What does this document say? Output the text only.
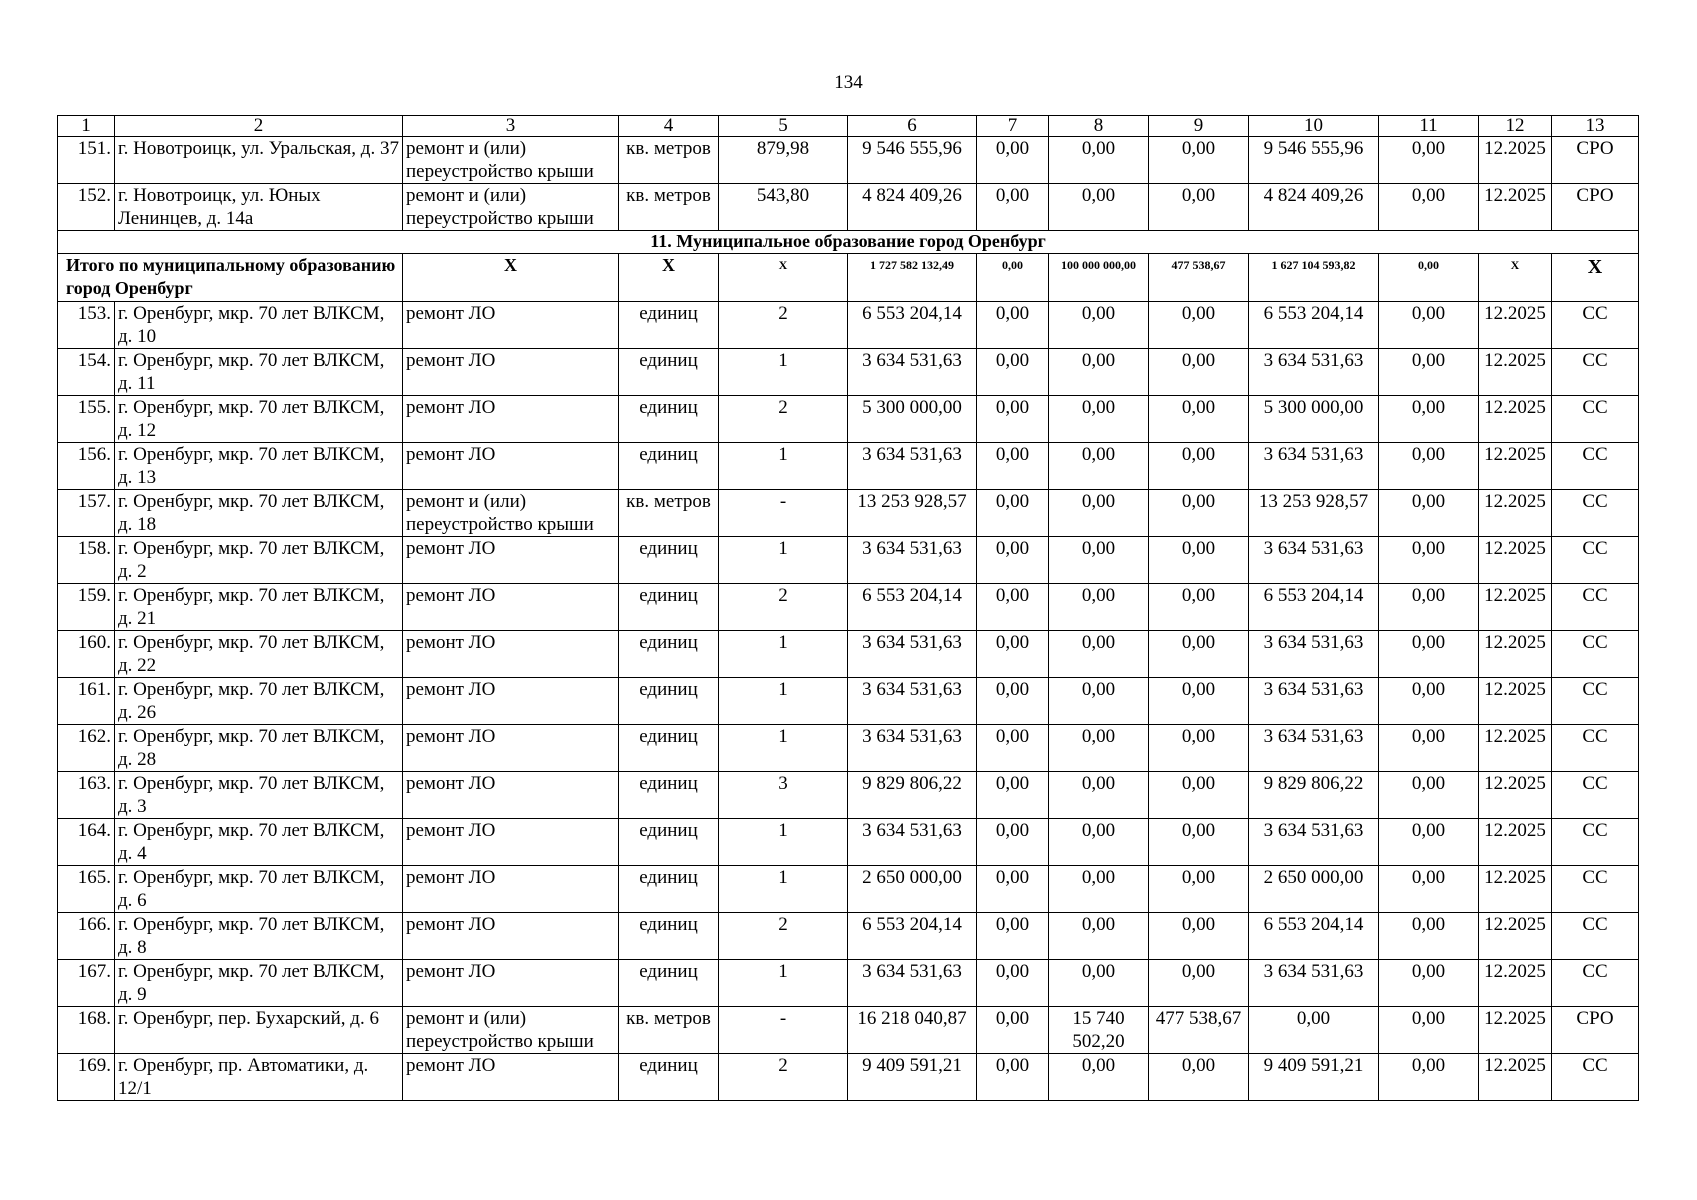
134
1	2	3	4	5	6	7	8	9	10	11	12	13
151.	г. Новотроицк, ул. Уральская, д. 37	ремонт и (или) переустройство крыши	кв. метров	879,98	9 546 555,96	0,00	0,00	0,00	9 546 555,96	0,00	12.2025	СРО
152.	г. Новотроицк, ул. Юных Ленинцев, д. 14а	ремонт и (или) переустройство крыши	кв. метров	543,80	4 824 409,26	0,00	0,00	0,00	4 824 409,26	0,00	12.2025	СРО
11. Муниципальное образование город Оренбург												
Итого по муниципальному образованию город Оренбург		X	X	X	1 727 582 132,49	0,00	100 000 000,00	477 538,67	1 627 104 593,82	0,00	X	X
153.	г. Оренбург, мкр. 70 лет ВЛКСМ, д. 10	ремонт ЛО	единиц	2	6 553 204,14	0,00	0,00	0,00	6 553 204,14	0,00	12.2025	СС
154.	г. Оренбург, мкр. 70 лет ВЛКСМ, д. 11	ремонт ЛО	единиц	1	3 634 531,63	0,00	0,00	0,00	3 634 531,63	0,00	12.2025	СС
155.	г. Оренбург, мкр. 70 лет ВЛКСМ, д. 12	ремонт ЛО	единиц	2	5 300 000,00	0,00	0,00	0,00	5 300 000,00	0,00	12.2025	СС
156.	г. Оренбург, мкр. 70 лет ВЛКСМ, д. 13	ремонт ЛО	единиц	1	3 634 531,63	0,00	0,00	0,00	3 634 531,63	0,00	12.2025	СС
157.	г. Оренбург, мкр. 70 лет ВЛКСМ, д. 18	ремонт и (или) переустройство крыши	кв. метров	-	13 253 928,57	0,00	0,00	0,00	13 253 928,57	0,00	12.2025	СС
158.	г. Оренбург, мкр. 70 лет ВЛКСМ, д. 2	ремонт ЛО	единиц	1	3 634 531,63	0,00	0,00	0,00	3 634 531,63	0,00	12.2025	СС
159.	г. Оренбург, мкр. 70 лет ВЛКСМ, д. 21	ремонт ЛО	единиц	2	6 553 204,14	0,00	0,00	0,00	6 553 204,14	0,00	12.2025	СС
160.	г. Оренбург, мкр. 70 лет ВЛКСМ, д. 22	ремонт ЛО	единиц	1	3 634 531,63	0,00	0,00	0,00	3 634 531,63	0,00	12.2025	СС
161.	г. Оренбург, мкр. 70 лет ВЛКСМ, д. 26	ремонт ЛО	единиц	1	3 634 531,63	0,00	0,00	0,00	3 634 531,63	0,00	12.2025	СС
162.	г. Оренбург, мкр. 70 лет ВЛКСМ, д. 28	ремонт ЛО	единиц	1	3 634 531,63	0,00	0,00	0,00	3 634 531,63	0,00	12.2025	СС
163.	г. Оренбург, мкр. 70 лет ВЛКСМ, д. 3	ремонт ЛО	единиц	3	9 829 806,22	0,00	0,00	0,00	9 829 806,22	0,00	12.2025	СС
164.	г. Оренбург, мкр. 70 лет ВЛКСМ, д. 4	ремонт ЛО	единиц	1	3 634 531,63	0,00	0,00	0,00	3 634 531,63	0,00	12.2025	СС
165.	г. Оренбург, мкр. 70 лет ВЛКСМ, д. 6	ремонт ЛО	единиц	1	2 650 000,00	0,00	0,00	0,00	2 650 000,00	0,00	12.2025	СС
166.	г. Оренбург, мкр. 70 лет ВЛКСМ, д. 8	ремонт ЛО	единиц	2	6 553 204,14	0,00	0,00	0,00	6 553 204,14	0,00	12.2025	СС
167.	г. Оренбург, мкр. 70 лет ВЛКСМ, д. 9	ремонт ЛО	единиц	1	3 634 531,63	0,00	0,00	0,00	3 634 531,63	0,00	12.2025	СС
168.	г. Оренбург, пер. Бухарский, д. 6	ремонт и (или) переустройство крыши	кв. метров	-	16 218 040,87	0,00	15 740 502,20	477 538,67	0,00	0,00	12.2025	СРО
169.	г. Оренбург, пр. Автоматики, д. 12/1	ремонт ЛО	единиц	2	9 409 591,21	0,00	0,00	0,00	9 409 591,21	0,00	12.2025	СС
